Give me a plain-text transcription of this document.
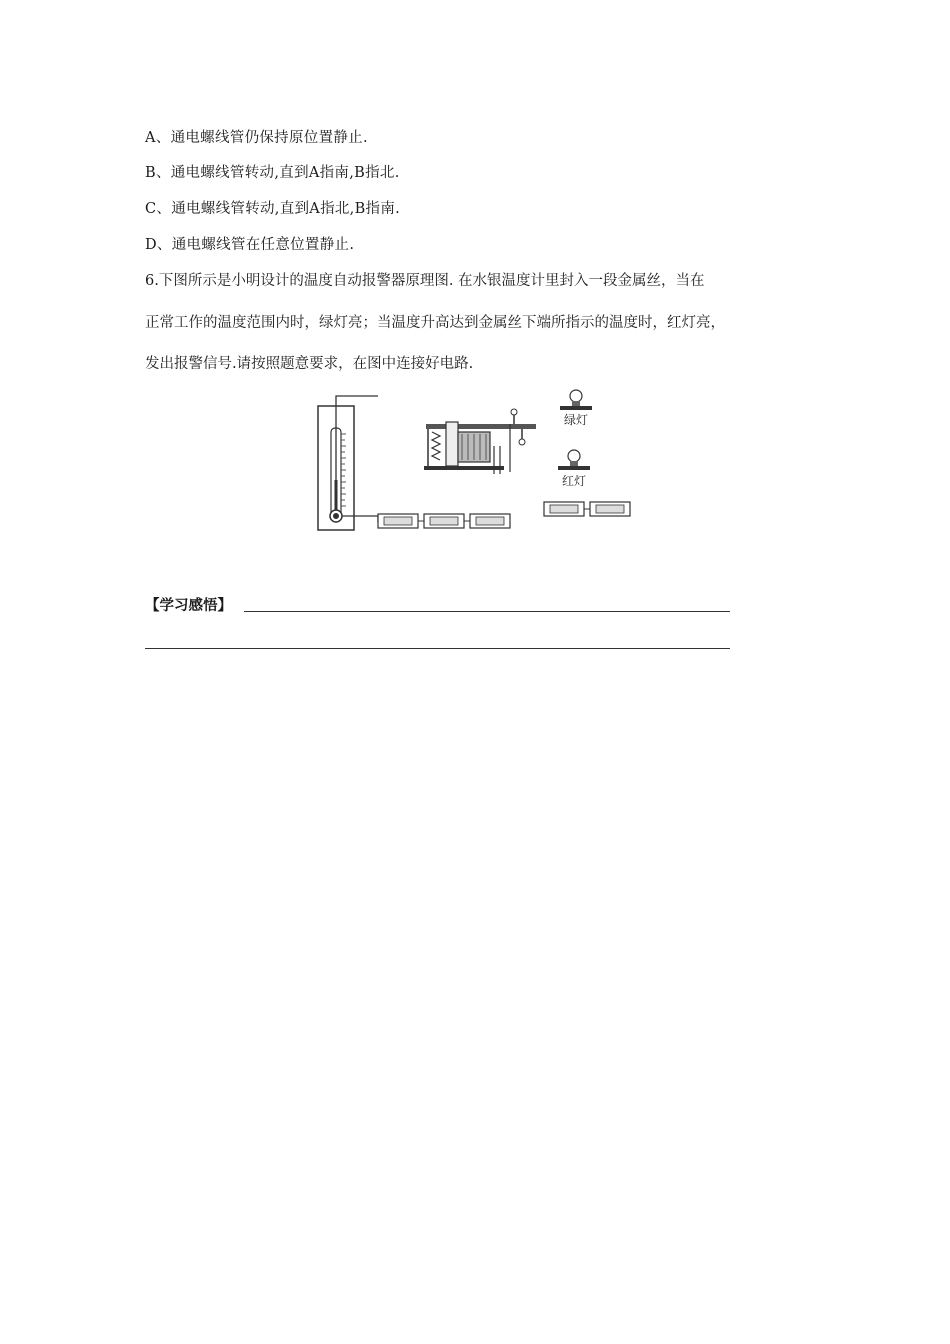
A、通电螺线管仍保持原位置静止.
B、通电螺线管转动,直到A指南,B指北.
C、通电螺线管转动,直到A指北,B指南.
D、通电螺线管在任意位置静止.
6.下图所示是小明设计的温度自动报警器原理图. 在水银温度计里封入一段金属丝，当在
正常工作的温度范围内时，绿灯亮；当温度升高达到金属丝下端所指示的温度时，红灯亮，
发出报警信号.请按照题意要求，在图中连接好电路.
绿灯
红灯
【学习感悟】
